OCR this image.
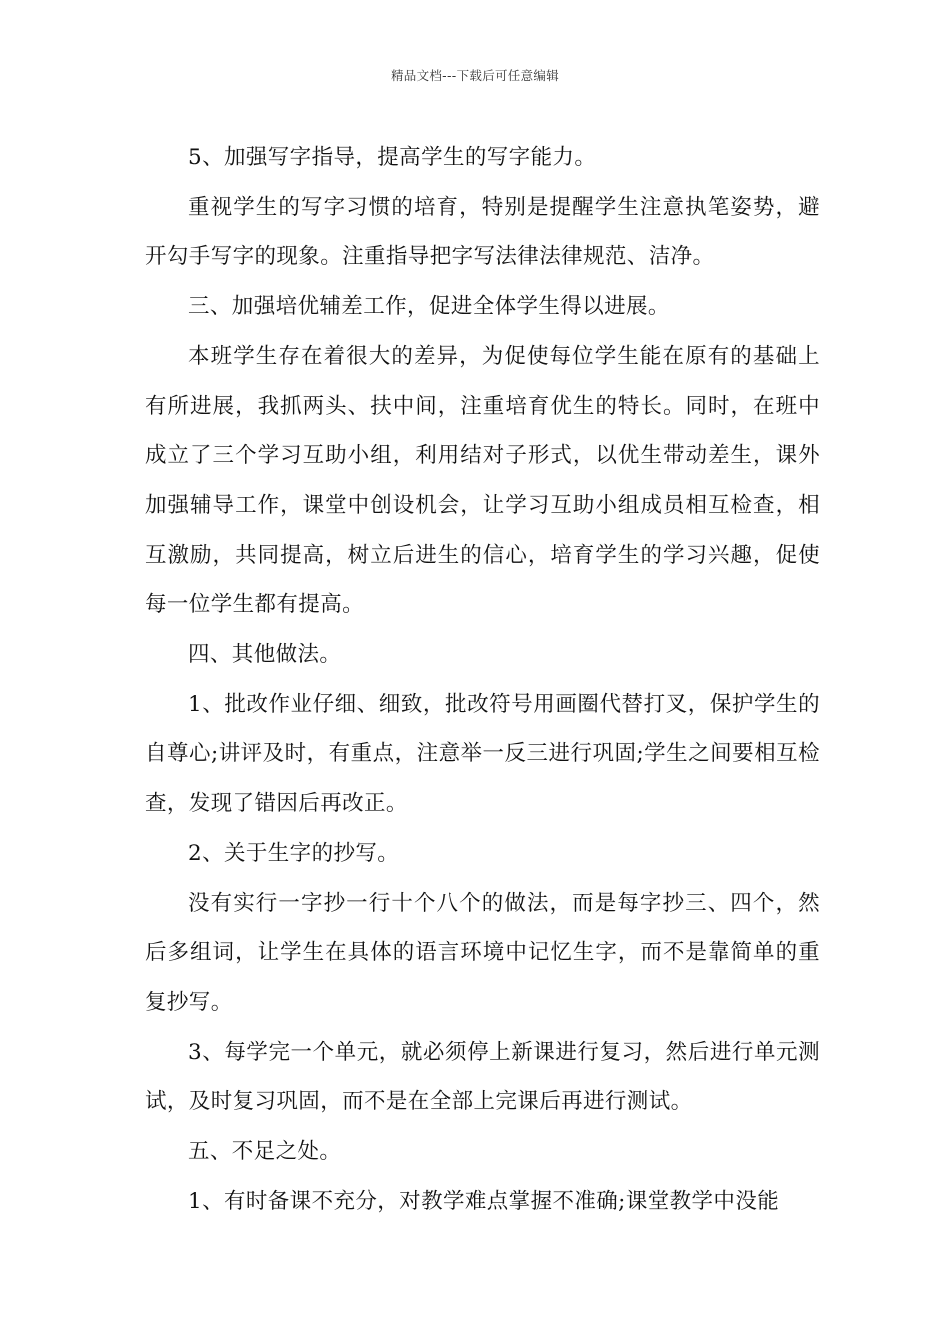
精品文档---下载后可任意编辑

5、加强写字指导，提高学生的写字能力。

重视学生的写字习惯的培育，特别是提醒学生注意执笔姿势，避开勾手写字的现象。注重指导把字写法律法律规范、洁净。

三、加强培优辅差工作，促进全体学生得以进展。

本班学生存在着很大的差异，为促使每位学生能在原有的基础上有所进展，我抓两头、扶中间，注重培育优生的特长。同时，在班中成立了三个学习互助小组，利用结对子形式，以优生带动差生，课外加强辅导工作，课堂中创设机会，让学习互助小组成员相互检查，相互激励，共同提高，树立后进生的信心，培育学生的学习兴趣，促使每一位学生都有提高。

四、其他做法。

1、批改作业仔细、细致，批改符号用画圈代替打叉，保护学生的自尊心;讲评及时，有重点，注意举一反三进行巩固;学生之间要相互检查，发现了错因后再改正。

2、关于生字的抄写。

没有实行一字抄一行十个八个的做法，而是每字抄三、四个，然后多组词，让学生在具体的语言环境中记忆生字，而不是靠简单的重复抄写。

3、每学完一个单元，就必须停上新课进行复习，然后进行单元测试，及时复习巩固，而不是在全部上完课后再进行测试。

五、不足之处。

1、有时备课不充分，对教学难点掌握不准确;课堂教学中没能
